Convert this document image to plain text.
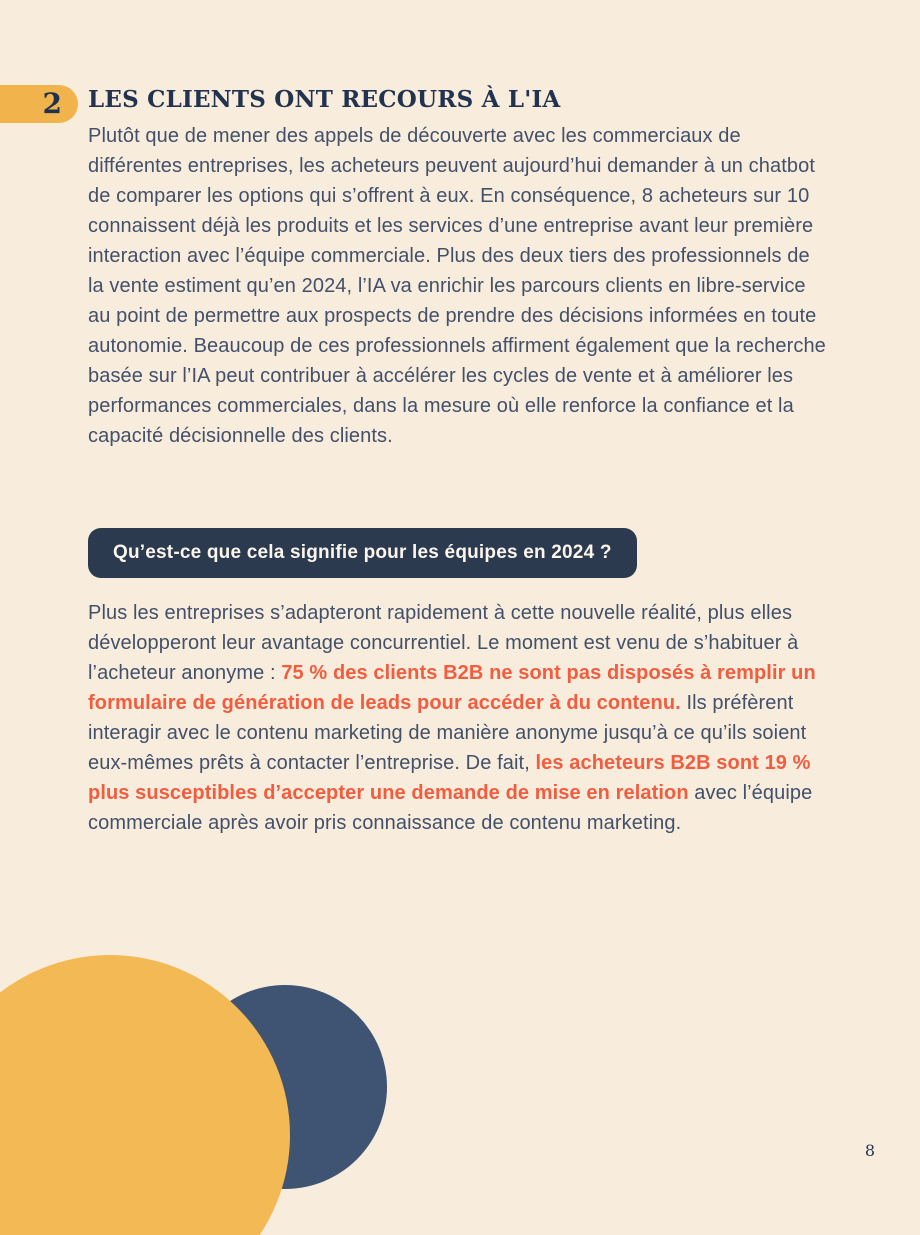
2	LES CLIENTS ONT RECOURS À L'IA

Plutôt que de mener des appels de découverte avec les commerciaux de différentes entreprises, les acheteurs peuvent aujourd’hui demander à un chatbot de comparer les options qui s’offrent à eux. En conséquence, 8 acheteurs sur 10 connaissent déjà les produits et les services d’une entreprise avant leur première interaction avec l’équipe commerciale. Plus des deux tiers des professionnels de la vente estiment qu’en 2024, l’IA va enrichir les parcours clients en libre-service au point de permettre aux prospects de prendre des décisions informées en toute autonomie. Beaucoup de ces professionnels affirment également que la recherche basée sur l’IA peut contribuer à accélérer les cycles de vente et à améliorer les performances commerciales, dans la mesure où elle renforce la confiance et la capacité décisionnelle des clients.

Qu’est-ce que cela signifie pour les équipes en 2024 ?

Plus les entreprises s’adapteront rapidement à cette nouvelle réalité, plus elles développeront leur avantage concurrentiel. Le moment est venu de s’habituer à l’acheteur anonyme : 75 % des clients B2B ne sont pas disposés à remplir un formulaire de génération de leads pour accéder à du contenu. Ils préfèrent interagir avec le contenu marketing de manière anonyme jusqu’à ce qu’ils soient eux-mêmes prêts à contacter l’entreprise. De fait, les acheteurs B2B sont 19 % plus susceptibles d’accepter une demande de mise en relation avec l’équipe commerciale après avoir pris connaissance de contenu marketing.

8
